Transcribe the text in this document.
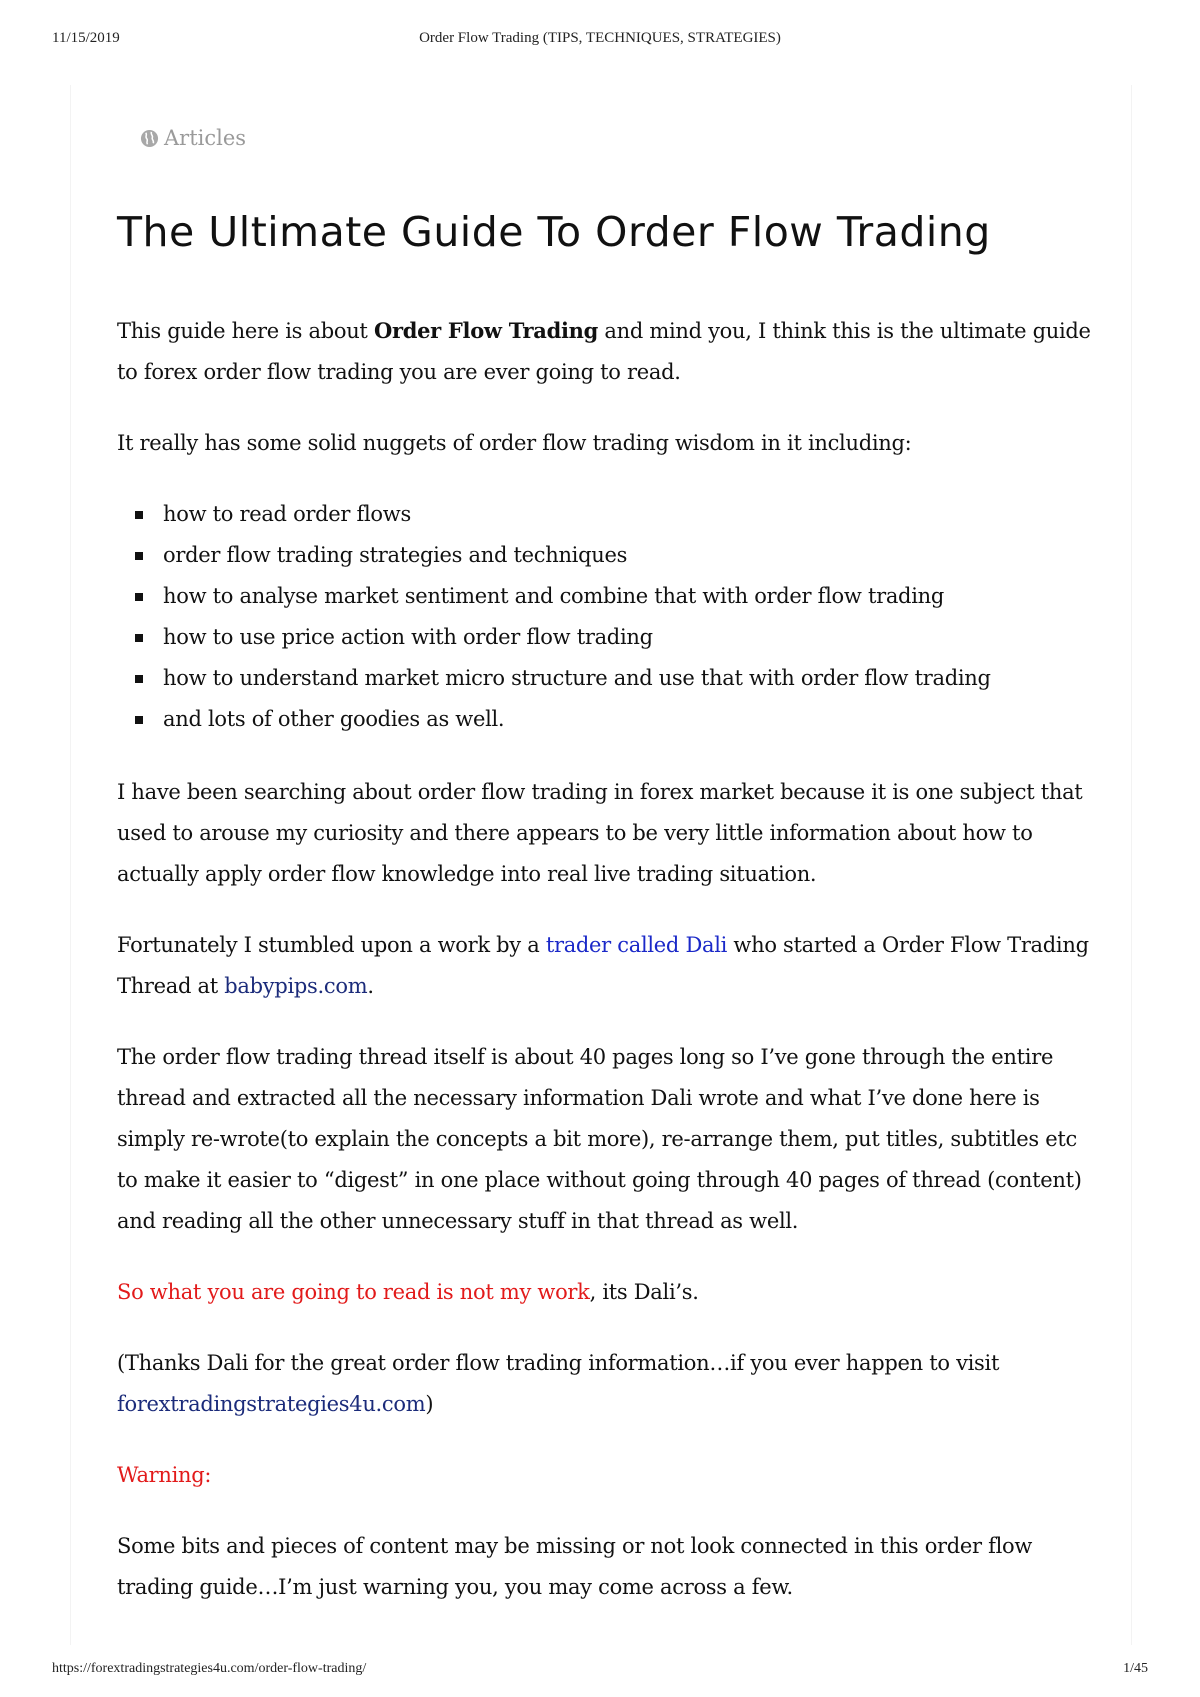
11/15/2019	Order Flow Trading (TIPS, TECHNIQUES, STRATEGIES)
Articles
The Ultimate Guide To Order Flow Trading

This guide here is about Order Flow Trading and mind you, I think this is the ultimate guide to forex order flow trading you are ever going to read.

It really has some solid nuggets of order flow trading wisdom in it including:

how to read order flows
order flow trading strategies and techniques
how to analyse market sentiment and combine that with order flow trading
how to use price action with order flow trading
how to understand market micro structure and use that with order flow trading
and lots of other goodies as well.

I have been searching about order flow trading in forex market because it is one subject that used to arouse my curiosity and there appears to be very little information about how to actually apply order flow knowledge into real live trading situation.

Fortunately I stumbled upon a work by a trader called Dali who started a Order Flow Trading Thread at babypips.com.

The order flow trading thread itself is about 40 pages long so I’ve gone through the entire thread and extracted all the necessary information Dali wrote and what I’ve done here is simply re-wrote(to explain the concepts a bit more), re-arrange them, put titles, subtitles etc to make it easier to “digest” in one place without going through 40 pages of thread (content) and reading all the other unnecessary stuff in that thread as well.

So what you are going to read is not my work, its Dali’s.

(Thanks Dali for the great order flow trading information…if you ever happen to visit forextradingstrategies4u.com)

Warning:

Some bits and pieces of content may be missing or not look connected in this order flow trading guide…I’m just warning you, you may come across a few.

https://forextradingstrategies4u.com/order-flow-trading/	1/45
